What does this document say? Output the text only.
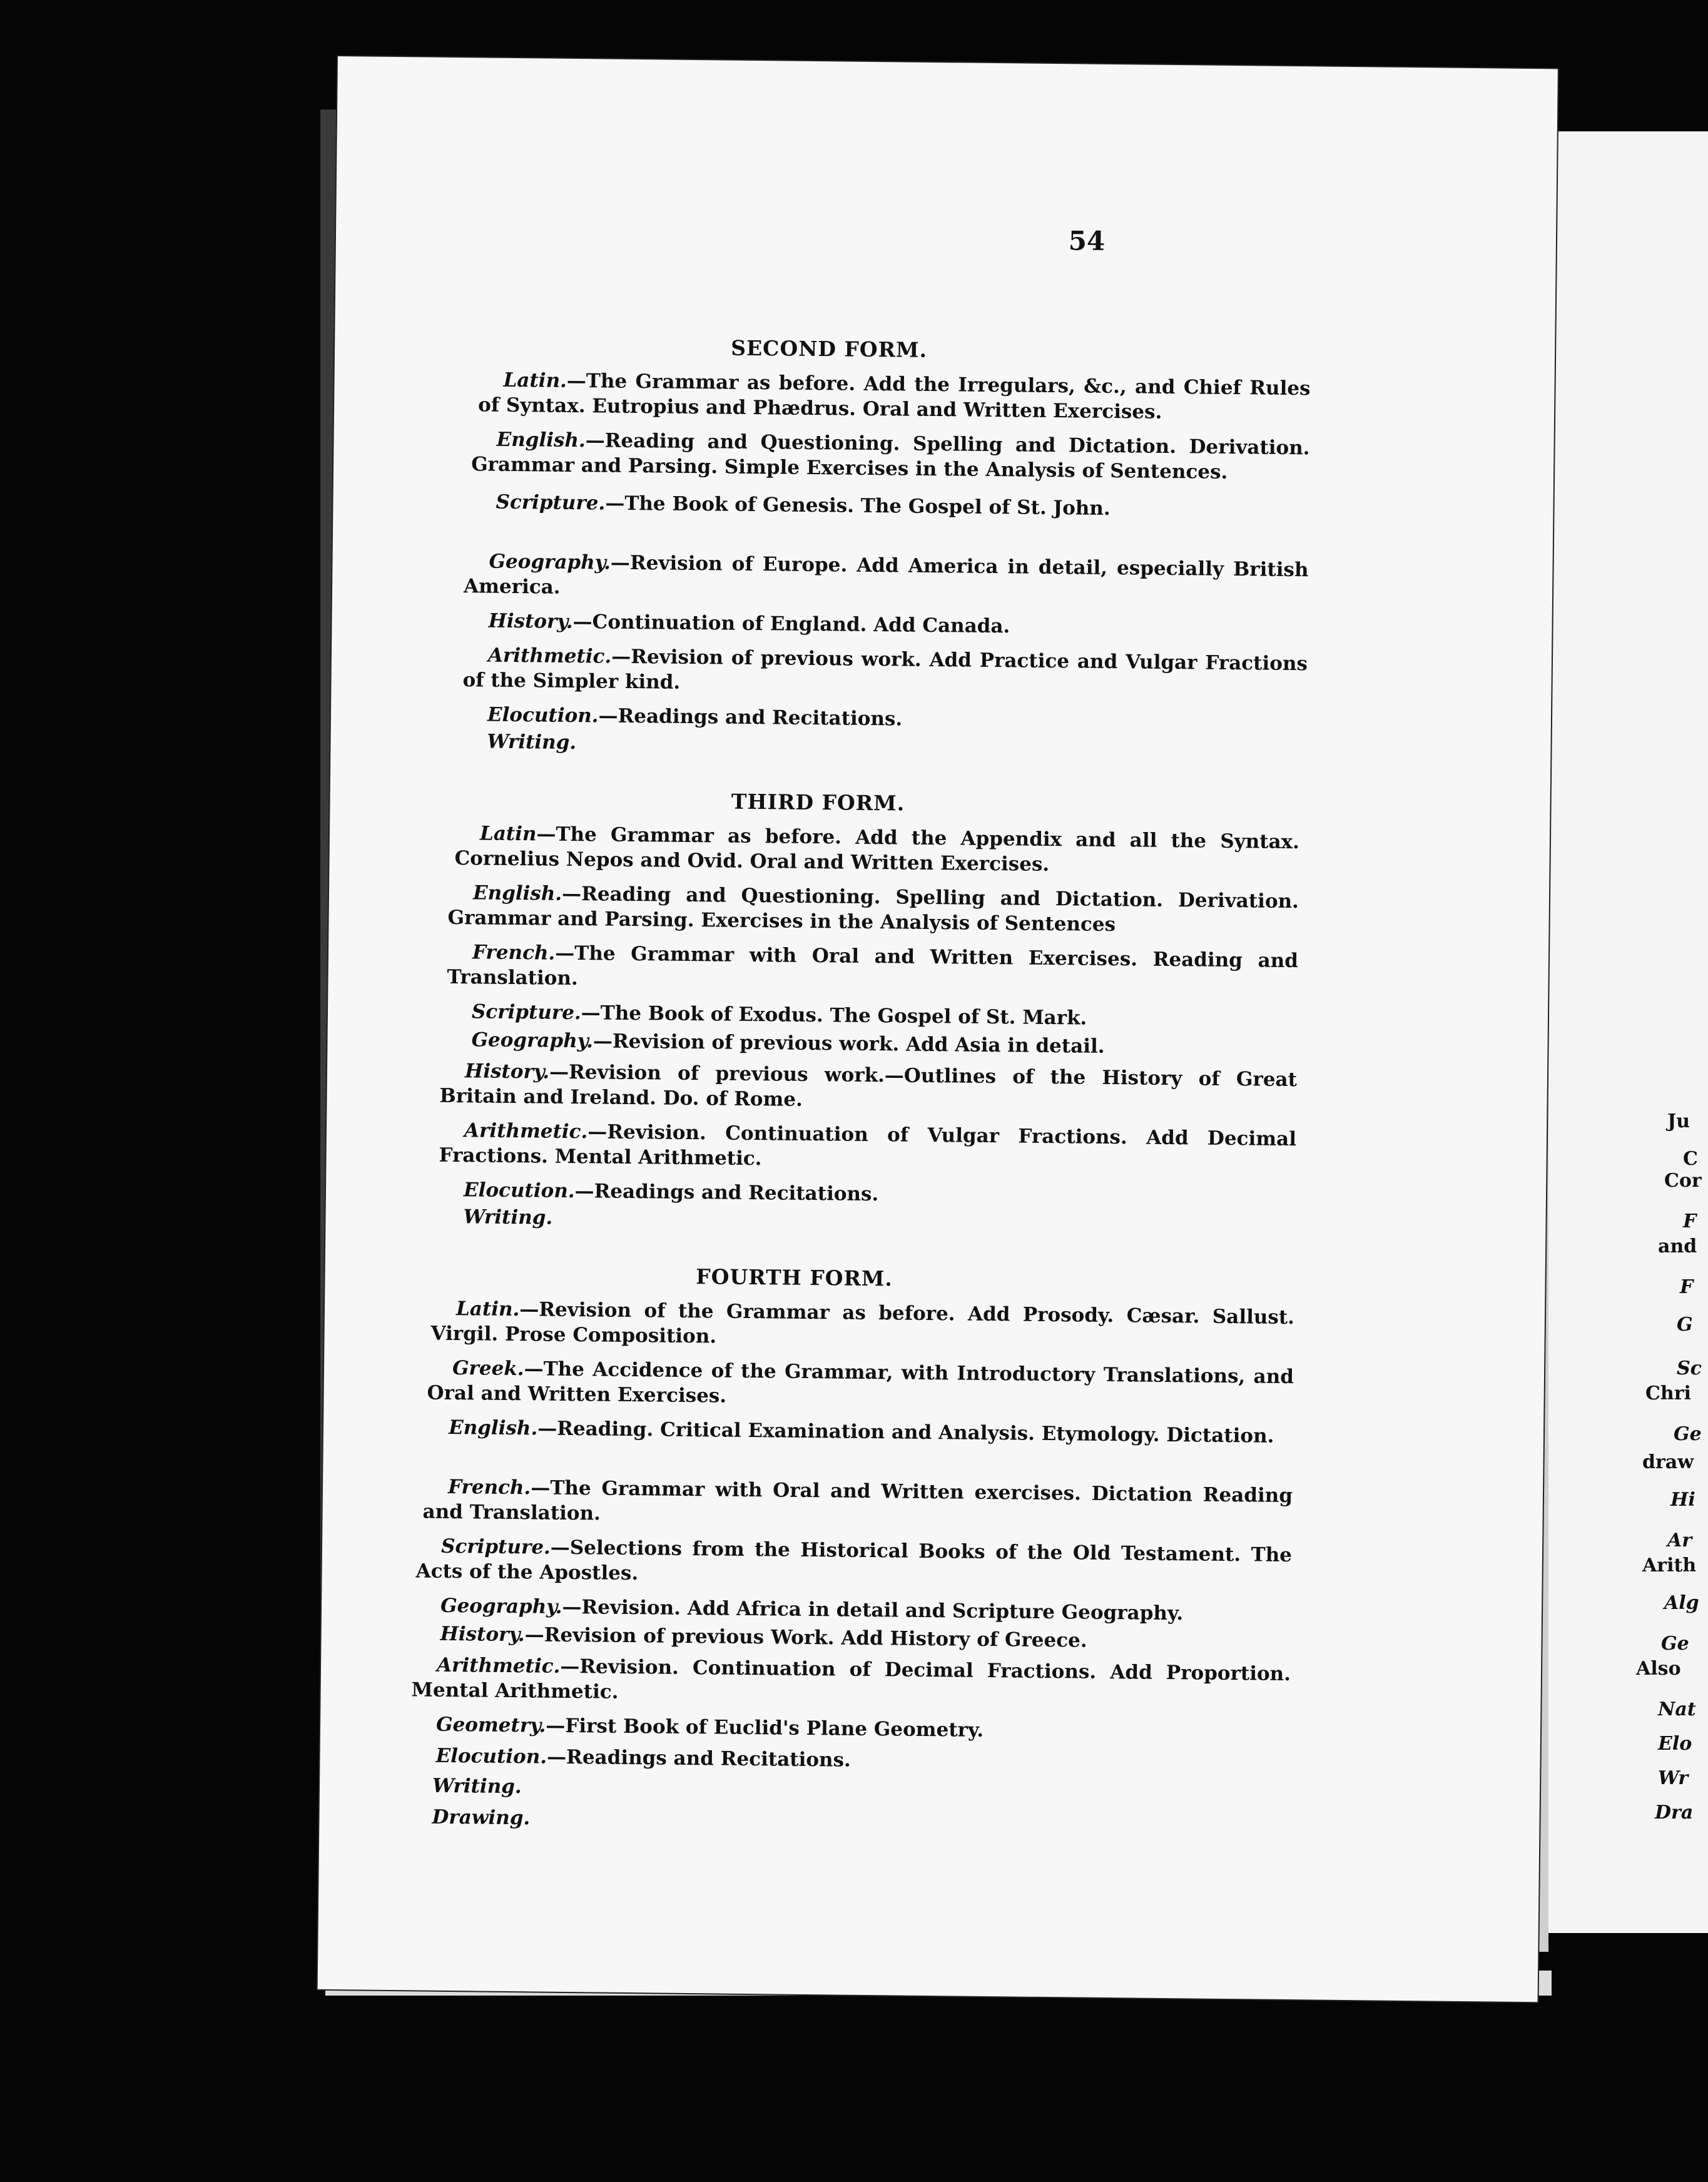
54
SECOND FORM.
Latin.—The Grammar as before. Add the Irregulars, &c., and Chief Rules of Syntax. Eutropius and Phædrus. Oral and Written Exercises.
English.—Reading and Questioning. Spelling and Dictation. Derivation. Grammar and Parsing. Simple Exercises in the Analysis of Sentences.
Scripture.—The Book of Genesis. The Gospel of St. John.
Geography.—Revision of Europe. Add America in detail, especially British America.
History.—Continuation of England. Add Canada.
Arithmetic.—Revision of previous work. Add Practice and Vulgar Fractions of the Simpler kind.
Elocution.—Readings and Recitations.
Writing.
THIRD FORM.
Latin—The Grammar as before. Add the Appendix and all the Syntax. Cornelius Nepos and Ovid. Oral and Written Exercises.
English.—Reading and Questioning. Spelling and Dictation. Derivation. Grammar and Parsing. Exercises in the Analysis of Sentences
French.—The Grammar with Oral and Written Exercises. Reading and Translation.
Scripture.—The Book of Exodus. The Gospel of St. Mark.
Geography.—Revision of previous work. Add Asia in detail.
History.—Revision of previous work.—Outlines of the History of Great Britain and Ireland. Do. of Rome.
Arithmetic.—Revision. Continuation of Vulgar Fractions. Add Decimal Fractions. Mental Arithmetic.
Elocution.—Readings and Recitations.
Writing.
FOURTH FORM.
Latin.—Revision of the Grammar as before. Add Prosody. Cæsar. Sallust. Virgil. Prose Composition.
Greek.—The Accidence of the Grammar, with Introductory Translations, and Oral and Written Exercises.
English.—Reading. Critical Examination and Analysis. Etymology. Dictation.
French.—The Grammar with Oral and Written exercises. Dictation Reading and Translation.
Scripture.—Selections from the Historical Books of the Old Testament. The Acts of the Apostles.
Geography.—Revision. Add Africa in detail and Scripture Geography.
History.—Revision of previous Work. Add History of Greece.
Arithmetic.—Revision. Continuation of Decimal Fractions. Add Proportion. Mental Arithmetic.
Geometry.—First Book of Euclid's Plane Geometry.
Elocution.—Readings and Recitations.
Writing.
Drawing.
Ju
C
Cor
F
and
F
G
Sc
Chri
Ge
draw
Hi
Ar
Arith
Alg
Ge
Also
Nat
Elo
Wr
Dra
